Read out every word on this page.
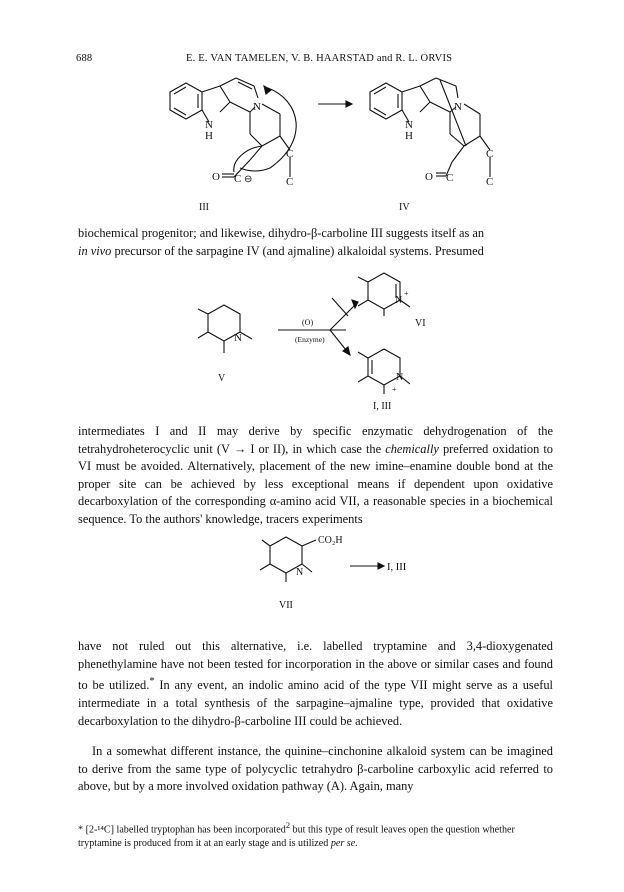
688	E. E. VAN TAMELEN, V. B. HAARSTAD and R. L. ORVIS
N
H
N
C
C
O C ⊖
III
N
H
N
C
C
O C
IV

biochemical progenitor; and likewise, dihydro-β-carboline III suggests itself as an

in vivo precursor of the sarpagine IV (and ajmaline) alkaloidal systems. Presumed

N
V
(O)
(Enzyme)
N
+
VI
N
+
I, III

intermediates I and II may derive by specific enzymatic dehydrogenation of the tetrahydroheterocyclic unit (V → I or II), in which case the chemically preferred oxidation to VI must be avoided. Alternatively, placement of the new imine–enamine double bond at the proper site can be achieved by less exceptional means if dependent upon oxidative decarboxylation of the corresponding α-amino acid VII, a reasonable species in a biochemical sequence. To the authors' knowledge, tracers experiments

N
CO₂H
I, III
VII

have not ruled out this alternative, i.e. labelled tryptamine and 3,4-dioxygenated phenethylamine have not been tested for incorporation in the above or similar cases and found to be utilized.* In any event, an indolic amino acid of the type VII might serve as a useful intermediate in a total synthesis of the sarpagine–ajmaline type, provided that oxidative decarboxylation to the dihydro-β-carboline III could be achieved.

In a somewhat different instance, the quinine–cinchonine alkaloid system can be imagined to derive from the same type of polycyclic tetrahydro β-carboline carboxylic acid referred to above, but by a more involved oxidation pathway (A). Again, many

* [2-¹⁴C] labelled tryptophan has been incorporated$^2$ but this type of result leaves open the question whether tryptamine is produced from it at an early stage and is utilized per se.
